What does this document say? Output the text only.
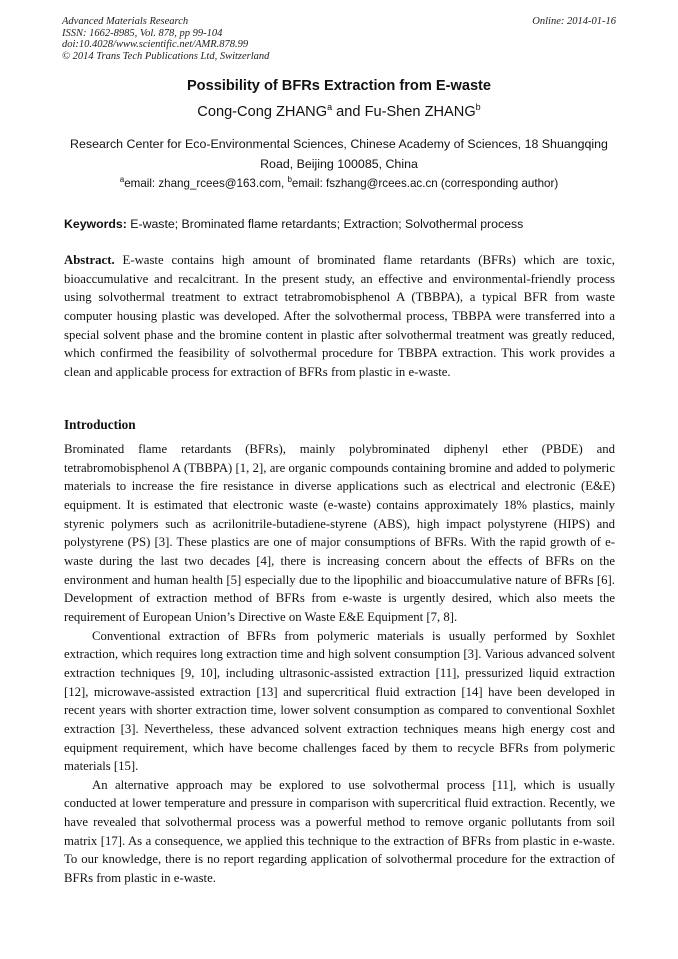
Advanced Materials Research
ISSN: 1662-8985, Vol. 878, pp 99-104
doi:10.4028/www.scientific.net/AMR.878.99
© 2014 Trans Tech Publications Ltd, Switzerland
Online: 2014-01-16
Possibility of BFRs Extraction from E-waste
Cong-Cong ZHANG$^a$ and Fu-Shen ZHANG$^b$
Research Center for Eco-Environmental Sciences, Chinese Academy of Sciences, 18 Shuangqing Road, Beijing 100085, China
$^a$email: zhang_rcees@163.com, $^b$email: fszhang@rcees.ac.cn (corresponding author)
Keywords: E-waste; Brominated flame retardants; Extraction; Solvothermal process

Abstract. E-waste contains high amount of brominated flame retardants (BFRs) which are toxic, bioaccumulative and recalcitrant. In the present study, an effective and environmental-friendly process using solvothermal treatment to extract tetrabromobisphenol A (TBBPA), a typical BFR from waste computer housing plastic was developed. After the solvothermal process, TBBPA were transferred into a special solvent phase and the bromine content in plastic after solvothermal treatment was greatly reduced, which confirmed the feasibility of solvothermal procedure for TBBPA extraction. This work provides a clean and applicable process for extraction of BFRs from plastic in e-waste.

Introduction

Brominated flame retardants (BFRs), mainly polybrominated diphenyl ether (PBDE) and tetrabromobisphenol A (TBBPA) [1, 2], are organic compounds containing bromine and added to polymeric materials to increase the fire resistance in diverse applications such as electrical and electronic (E&E) equipment. It is estimated that electronic waste (e-waste) contains approximately 18% plastics, mainly styrenic polymers such as acrilonitrile-butadiene-styrene (ABS), high impact polystyrene (HIPS) and polystyrene (PS) [3]. These plastics are one of major consumptions of BFRs. With the rapid growth of e-waste during the last two decades [4], there is increasing concern about the effects of BFRs on the environment and human health [5] especially due to the lipophilic and bioaccumulative nature of BFRs [6]. Development of extraction method of BFRs from e-waste is urgently desired, which also meets the requirement of European Union’s Directive on Waste E&E Equipment [7, 8].

Conventional extraction of BFRs from polymeric materials is usually performed by Soxhlet extraction, which requires long extraction time and high solvent consumption [3]. Various advanced solvent extraction techniques [9, 10], including ultrasonic-assisted extraction [11], pressurized liquid extraction [12], microwave-assisted extraction [13] and supercritical fluid extraction [14] have been developed in recent years with shorter extraction time, lower solvent consumption as compared to conventional Soxhlet extraction [3]. Nevertheless, these advanced solvent extraction techniques means high energy cost and equipment requirement, which have become challenges faced by them to recycle BFRs from polymeric materials [15].

An alternative approach may be explored to use solvothermal process [11], which is usually conducted at lower temperature and pressure in comparison with supercritical fluid extraction. Recently, we have revealed that solvothermal process was a powerful method to remove organic pollutants from soil matrix [17]. As a consequence, we applied this technique to the extraction of BFRs from plastic in e-waste. To our knowledge, there is no report regarding application of solvothermal procedure for the extraction of BFRs from plastic in e-waste.
